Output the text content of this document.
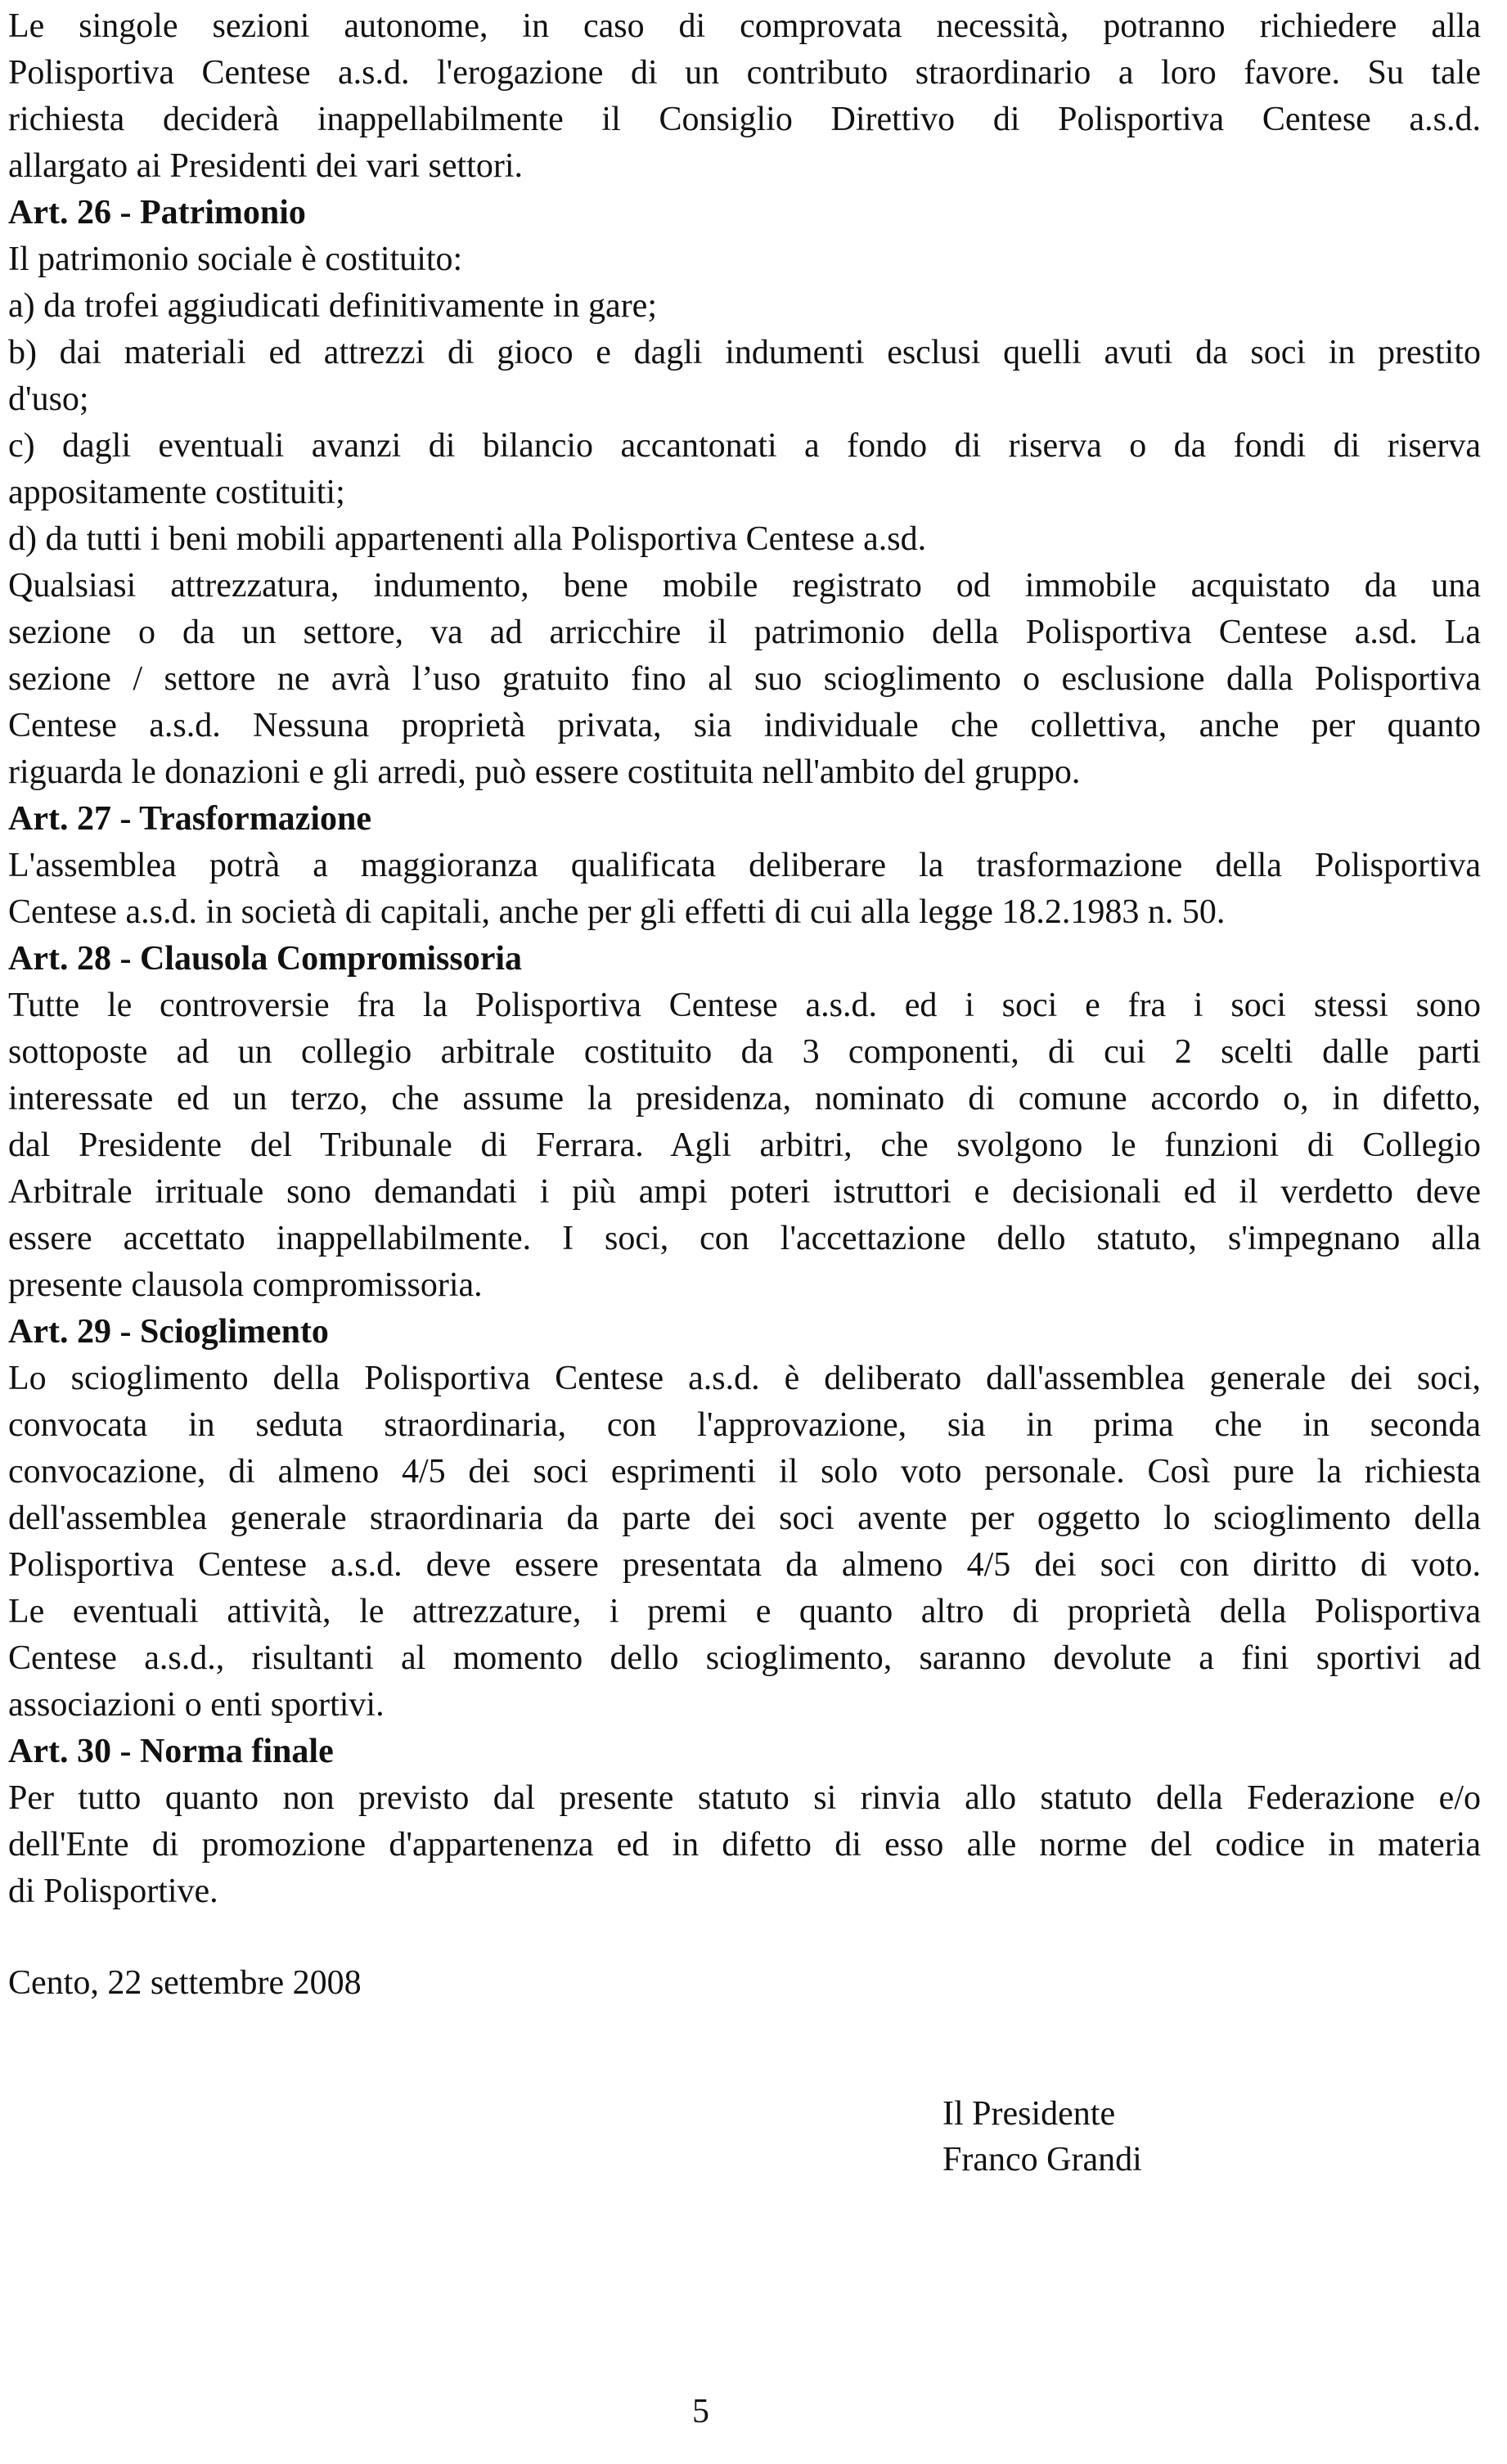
Le singole sezioni autonome, in caso di comprovata necessità, potranno richiedere alla
Polisportiva Centese a.s.d. l'erogazione di un contributo straordinario a loro favore. Su tale
richiesta deciderà inappellabilmente il Consiglio Direttivo di Polisportiva Centese a.s.d.
allargato ai Presidenti dei vari settori.
Art. 26 - Patrimonio
Il patrimonio sociale è costituito:
a) da trofei aggiudicati definitivamente in gare;
b) dai materiali ed attrezzi di gioco e dagli indumenti esclusi quelli avuti da soci in prestito
d'uso;
c) dagli eventuali avanzi di bilancio accantonati a fondo di riserva o da fondi di riserva
appositamente costituiti;
d) da tutti i beni mobili appartenenti alla Polisportiva Centese a.sd.
Qualsiasi attrezzatura, indumento, bene mobile registrato od immobile acquistato da una
sezione o da un settore, va ad arricchire il patrimonio della Polisportiva Centese a.sd. La
sezione / settore ne avrà l’uso gratuito fino al suo scioglimento o esclusione dalla Polisportiva
Centese a.s.d. Nessuna proprietà privata, sia individuale che collettiva, anche per quanto
riguarda le donazioni e gli arredi, può essere costituita nell'ambito del gruppo.
Art. 27 - Trasformazione
L'assemblea potrà a maggioranza qualificata deliberare la trasformazione della Polisportiva
Centese a.s.d. in società di capitali, anche per gli effetti di cui alla legge 18.2.1983 n. 50.
Art. 28 - Clausola Compromissoria
Tutte le controversie fra la Polisportiva Centese a.s.d. ed i soci e fra i soci stessi sono
sottoposte ad un collegio arbitrale costituito da 3 componenti, di cui 2 scelti dalle parti
interessate ed un terzo, che assume la presidenza, nominato di comune accordo o, in difetto,
dal Presidente del Tribunale di Ferrara. Agli arbitri, che svolgono le funzioni di Collegio
Arbitrale irrituale sono demandati i più ampi poteri istruttori e decisionali ed il verdetto deve
essere accettato inappellabilmente. I soci, con l'accettazione dello statuto, s'impegnano alla
presente clausola compromissoria.
Art. 29 - Scioglimento
Lo scioglimento della Polisportiva Centese a.s.d. è deliberato dall'assemblea generale dei soci,
convocata in seduta straordinaria, con l'approvazione, sia in prima che in seconda
convocazione, di almeno 4/5 dei soci esprimenti il solo voto personale. Così pure la richiesta
dell'assemblea generale straordinaria da parte dei soci avente per oggetto lo scioglimento della
Polisportiva Centese a.s.d. deve essere presentata da almeno 4/5 dei soci con diritto di voto.
Le eventuali attività, le attrezzature, i premi e quanto altro di proprietà della Polisportiva
Centese a.s.d., risultanti al momento dello scioglimento, saranno devolute a fini sportivi ad
associazioni o enti sportivi.
Art. 30 - Norma finale
Per tutto quanto non previsto dal presente statuto si rinvia allo statuto della Federazione e/o
dell'Ente di promozione d'appartenenza ed in difetto di esso alle norme del codice in materia
di Polisportive.
Cento, 22 settembre 2008
Il Presidente
Franco Grandi
5
